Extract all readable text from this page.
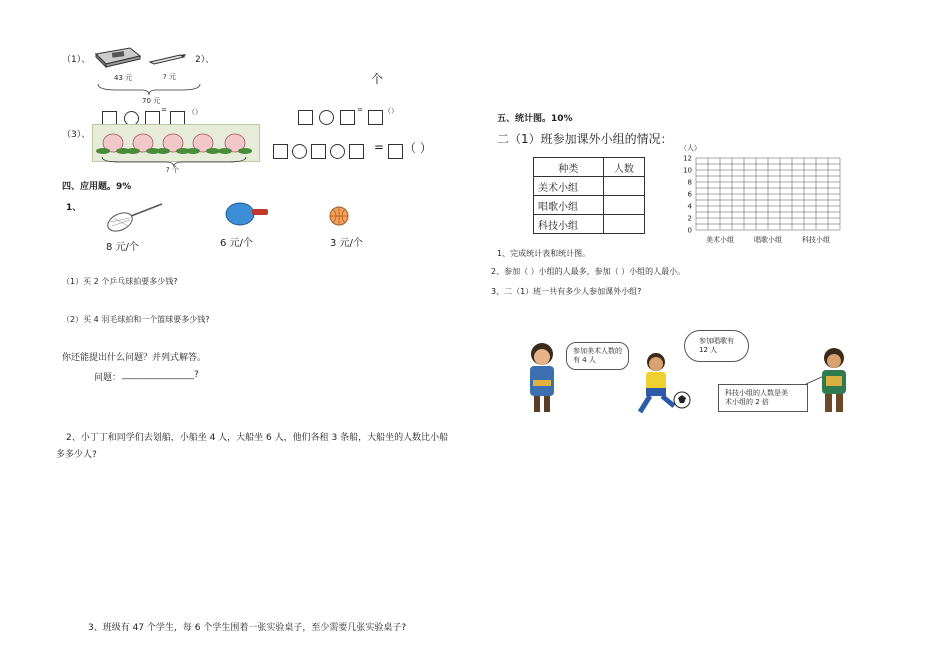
（1）、	2）、
43 元	? 元
70 元
=	（）
（3）、
? 个
四、应用题。9%
1、
8 元/个	6 元/个	3 元/个
（1）买 2 个乒乓球拍要多少钱?
（2）买 4 羽毛球拍和一个篮球要多少钱?
你还能提出什么问题？并列式解答。
问题： ________________?
2、小丁丁和同学们去划船，小船坐 4 人，大船坐 6 人，他们各租 3 条船，大船坐的人数比小船
多多少人?
3、班级有 47 个学生，每 6 个学生围着一张实验桌子，至少需要几张实验桌子?
个
=	（）
= （ ）
五、统计图。10%
二（1）班参加课外小组的情况：
种类	人数
美术小组	
唱歌小组	
科技小组	
（人）
0
2
4
6
8
10
12
美术小组	唱歌小组	科技小组
1、完成统计表和统计图。
2、参加（ ）小组的人最多，参加（ ）小组的人最小。
3、二（1）班一共有多少人参加课外小组?
参加美术人数的
有 4 人
参加唱歌有
12 人
科技小组的人数是美
术小组的 2 倍
